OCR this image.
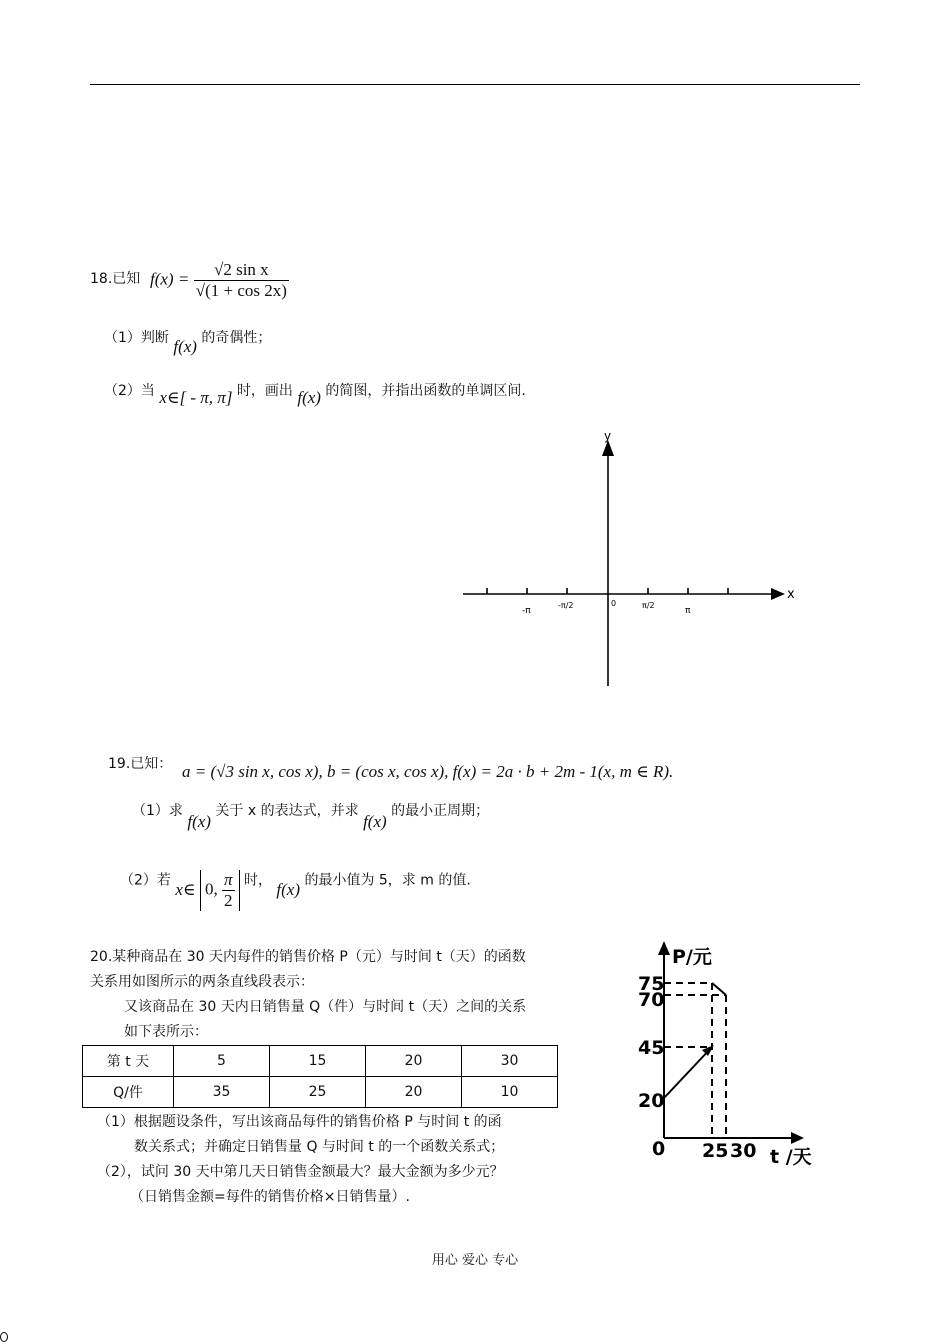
18.已知 $f(x) = \frac{\text{√2 sin x}}{√(1 + \cos 2x)}$
（1）判断 f(x) 的奇偶性；
（2）当 x∈[ - π, π] 时，画出 f(x) 的简图，并指出函数的单调区间.
x
y
0
-π
-π/2	π/2
π
19.已知： a = (√3 sin x, cos x), b = (cos x, cos x), f(x) = 2a · b + 2m - 1(x, m ∈ R).
（1）求 f(x) 关于 x 的表达式，并求 f(x) 的最小正周期；
（2）若 x∈ 0, $\frac{\pi}{2}$ 时， f(x) 的最小值为 5，求 m 的值.
20.某种商品在 30 天内每件的销售价格 P（元）与时间 t（天）的函数
关系用如图所示的两条直线段表示：
又该商品在 30 天内日销售量 Q（件）与时间 t（天）之间的关系
如下表所示：
第 t 天	5	15	20	30
Q/件	35	25	20	10
（1）根据题设条件，写出该商品每件的销售价格 P 与时间 t 的函
数关系式；并确定日销售量 Q 与时间 t 的一个函数关系式；
（2），试问 30 天中第几天日销售金额最大？最大金额为多少元？
（日销售金额=每件的销售价格×日销售量）.
P/元
t /天
0
75
70
45
20
25 30
用心 爱心 专心
